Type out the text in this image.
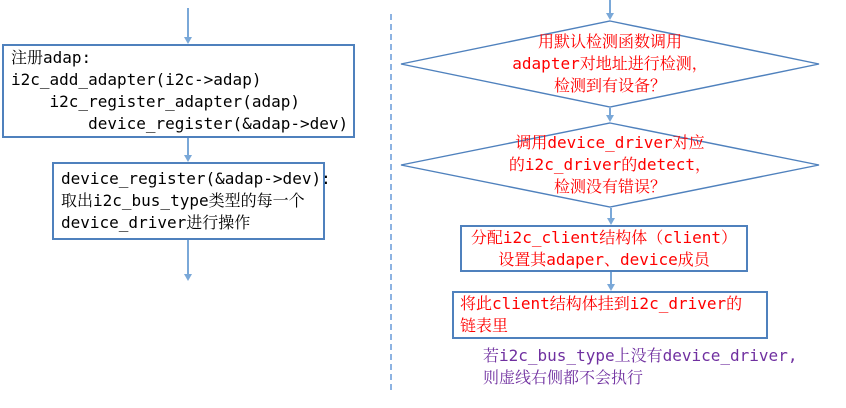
注册adap:
i2c_add_adapter(i2c->adap)
i2c_register_adapter(adap)
device_register(&adap->dev)
device_register(&adap->dev):
取出i2c_bus_type类型的每一个
device_driver进行操作
用默认检测函数调用
adapter对地址进行检测，
检测到有设备？
调用device_driver对应
的i2c_driver的detect，
检测没有错误？
分配i2c_client结构体（client）
设置其adaper、device成员
将此client结构体挂到i2c_driver的
链表里
若i2c_bus_type上没有device_driver,
则虚线右侧都不会执行
